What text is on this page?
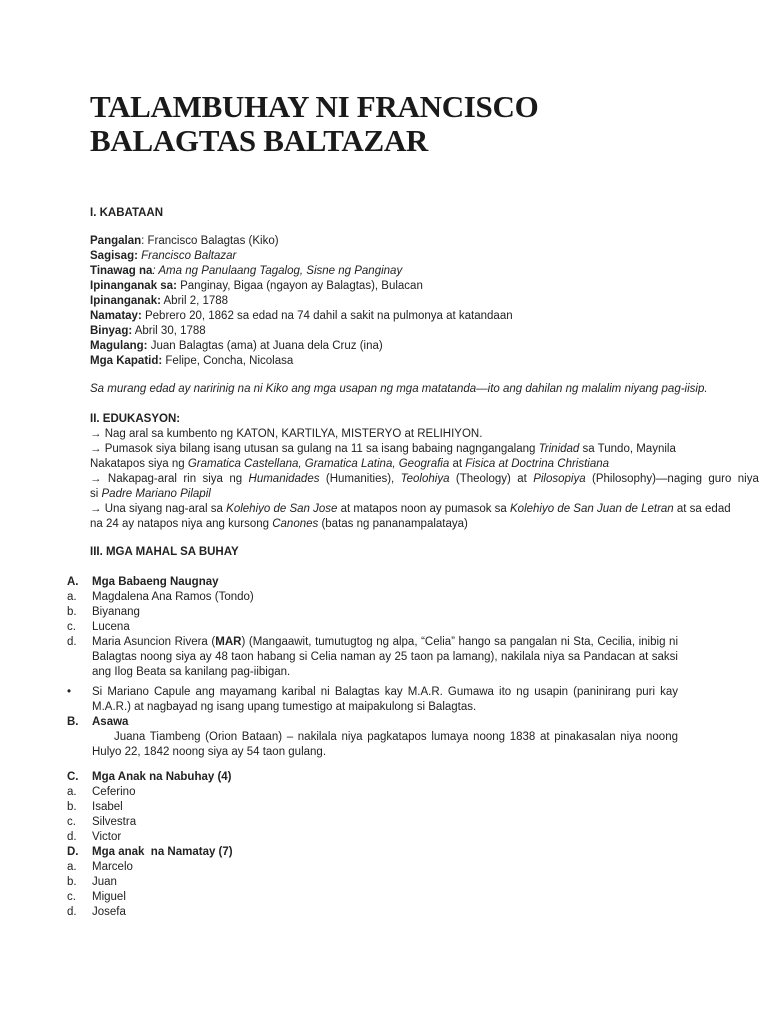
TALAMBUHAY NI FRANCISCO BALAGTAS BALTAZAR
I. KABATAAN
Pangalan: Francisco Balagtas (Kiko)
Sagisag: Francisco Baltazar
Tinawag na: Ama ng Panulaang Tagalog, Sisne ng Panginay
Ipinanganak sa: Panginay, Bigaa (ngayon ay Balagtas), Bulacan
Ipinanganak: Abril 2, 1788
Namatay: Pebrero 20, 1862 sa edad na 74 dahil a sakit na pulmonya at katandaan
Binyag: Abril 30, 1788
Magulang: Juan Balagtas (ama) at Juana dela Cruz (ina)
Mga Kapatid: Felipe, Concha, Nicolasa
Sa murang edad ay naririnig na ni Kiko ang mga usapan ng mga matatanda—ito ang dahilan ng malalim niyang pag-iisip.
II. EDUKASYON:
→ Nag aral sa kumbento ng KATON, KARTILYA, MISTERYO at RELIHIYON.
→ Pumasok siya bilang isang utusan sa gulang na 11 sa isang babaing nagngangalang Trinidad sa Tundo, Maynila
Nakatapos siya ng Gramatica Castellana, Gramatica Latina, Geografia at Fisica at Doctrina Christiana
→  Nakapag-aral  rin  siya  ng  Humanidades  (Humanities),  Teolohiya  (Theology)  at  Pilosopiya  (Philosophy)—naging  guro  niya
si Padre Mariano Pilapil
→ Una siyang nag-aral sa Kolehiyo de San Jose at matapos noon ay pumasok sa Kolehiyo de San Juan de Letran at sa edad
na 24 ay natapos niya ang kursong Canones (batas ng pananampalataya)
III. MGA MAHAL SA BUHAY
A. Mga Babaeng Naugnay
a. Magdalena Ana Ramos (Tondo)
b. Biyanang
c. Lucena
d. Maria Asuncion Rivera (MAR) (Mangaawit, tumutugtog ng alpa, “Celia” hango sa pangalan ni Sta, Cecilia, inibig ni Balagtas noong siya ay 48 taon habang si Celia naman ay 25 taon pa lamang), nakilala niya sa Pandacan at saksi ang Ilog Beata sa kanilang pag-iibigan.
• Si Mariano Capule ang mayamang karibal ni Balagtas kay M.A.R. Gumawa ito ng usapin (paninirang puri kay M.A.R.) at nagbayad ng isang upang tumestigo at maipakulong si Balagtas.
B. Asawa
Juana Tiambeng (Orion Bataan) – nakilala niya pagkatapos lumaya noong 1838 at pinakasalan niya noong Hulyo 22, 1842 noong siya ay 54 taon gulang.
C. Mga Anak na Nabuhay (4)
a. Ceferino
b. Isabel
c. Silvestra
d. Victor
D. Mga anak  na Namatay (7)
a. Marcelo
b. Juan
c. Miguel
d. Josefa
